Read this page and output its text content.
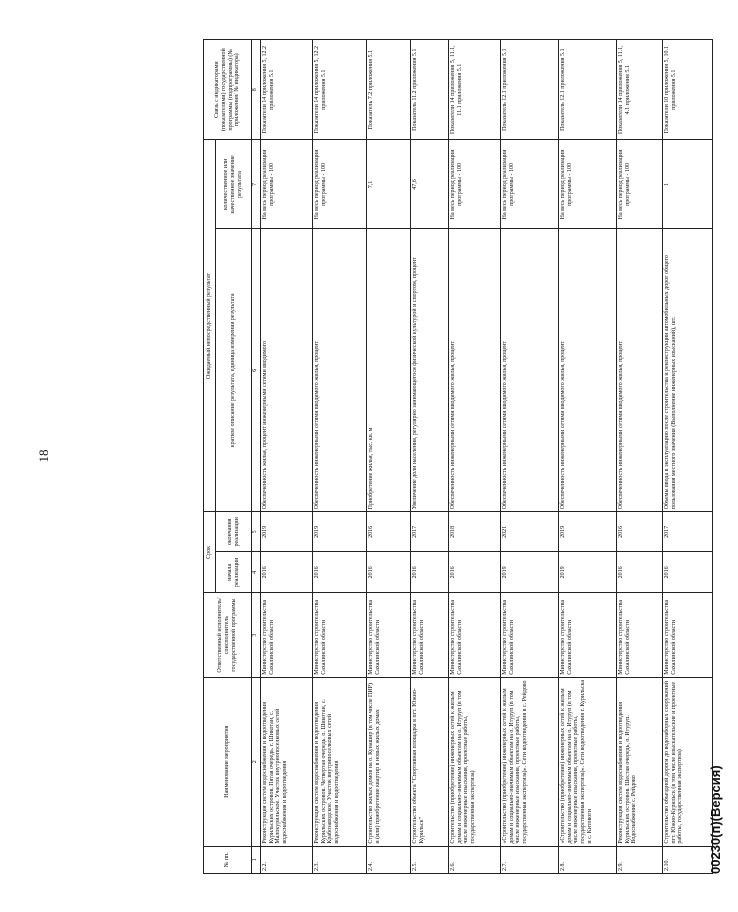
18
№ пп.	Наименование мероприятия	Ответственный исполнитель/соисполнитель государственной программы	Срок		Ожидаемый непосредственный результат		Связь с индикаторами (показателями) государственной программы (подпрограммы) (№ приложения/ № индикатора)
			начала реализации	окончания реализации	краткое описание результата, единица измерения результата	количественное или качественное значение результата	

1	2	3	4	5	6	7	8
2.2.	Реконструкция систем водоснабжения и водоотведения Курильских островов. Пятая очередь. г. Шикотан, с. Малокурильское. Участок внутриопоселковых сетей водоснабжения и водоотведения	Министерство строительства Сахалинской области	2016	2019	Обеспеченность жилья, процент инженерными сетями вводимого	На весь период реализации программы - 100	Показатели 14 приложения 5, 12.2 приложения 5.1
2.3.	Реконструкция систем водоснабжения и водоотведения Курильских островов. Четвертая очередь. о. Шикотан, с. Крабозаводское. Участок внутрипоселковых сетей водоснабжения и водоотведения	Министерство строительства Сахалинской области	2016	2019	Обеспеченность инженерными сетями вводимого жилья, процент	На весь период реализации программы - 100	Показатели 14 приложения 5, 12.2 приложения 5.1
2.4.	Строительство жилых домов на о. Кунашир (в том числе ПИР) и (или) приобретение квартир в новых жилых домах	Министерство строительства Сахалинской области	2016	2016	Приобретение жилья, тыс. кв. м	7,1	Показатель 7.2 приложения 5.1
2.5.	Строительство объекта "Спортивная площадка в пгт. Южно-Курильск"	Министерство строительства Сахалинской области	2016	2017	Увеличение доли населения, регулярно занимающегося физической культурой и спортом, процент	47,6	Показатель 11.2 приложения 5.1
2.6.	Строительство (приобретение) инженерных сетей к жилым домам и социально-значимым объектам на о. Итуруп (в том числе инженерные изыскания, проектные работы, государственная экспертиза)	Министерство строительства Сахалинской области	2016	2018	Обеспеченность инженерными сетями вводимого жилья, процент	На весь период реализации программы - 100	Показатели 14 приложения 5, 11.1, 11.1 приложения 5.1
2.7.	«Строительство (приобретение) инженерных сетей к жилым домам и социально-значимым объектам на о. Итуруп (в том числе инженерные изыскания, проектные работы, государственная экспертиза)». Сети водоотведения в с. Рейдово	Министерство строительства Сахалинской области	2019	2021	Обеспеченность инженерными сетями вводимого жилья, процент	На весь период реализации программы - 100	Показатель 12.1 приложения 5.1
2.8.	«Строительство (приобретение) инженерных сетей к жилым домам и социально-значимым объектам на о. Итуруп (в том числе инженерные изыскания, проектные работы, государственная экспертиза)». Сети водоотведения г. Курильска и с. Китовоги	Министерство строительства Сахалинской области	2019	2019	Обеспеченность инженерными сетями вводимого жилья, процент	На весь период реализации программы - 100	Показатель 12.1 приложения 5.1
2.9.	Реконструкция систем водоснабжения и водоотведения Курильских островов. Шестая очередь, о. Итуруп. Водоснабжение с. Рейдово	Министерство строительства Сахалинской области	2016	2016	Обеспеченность инженерными сетями вводимого жилья, процент	На весь период реализации программы - 100	Показатели 14 приложения 5, 11.1, 4.1 приложения 5.1
2.10.	Строительство объездной дороги до водозаборных сооружений пгт. Южно-Курильск (в том числе изыскательские и проектные работы, государственная экспертиза)	Министерство строительства Сахалинской области	2016	2017	Объемы ввода в эксплуатацию после строительства и реконструкции автомобильных дорог общего пользования местного значения (Выполнение инженерных изысканий), шт.	1	Показатели 10 приложения 5, 10.1 приложения 5.1
00230(п)(Версия)
